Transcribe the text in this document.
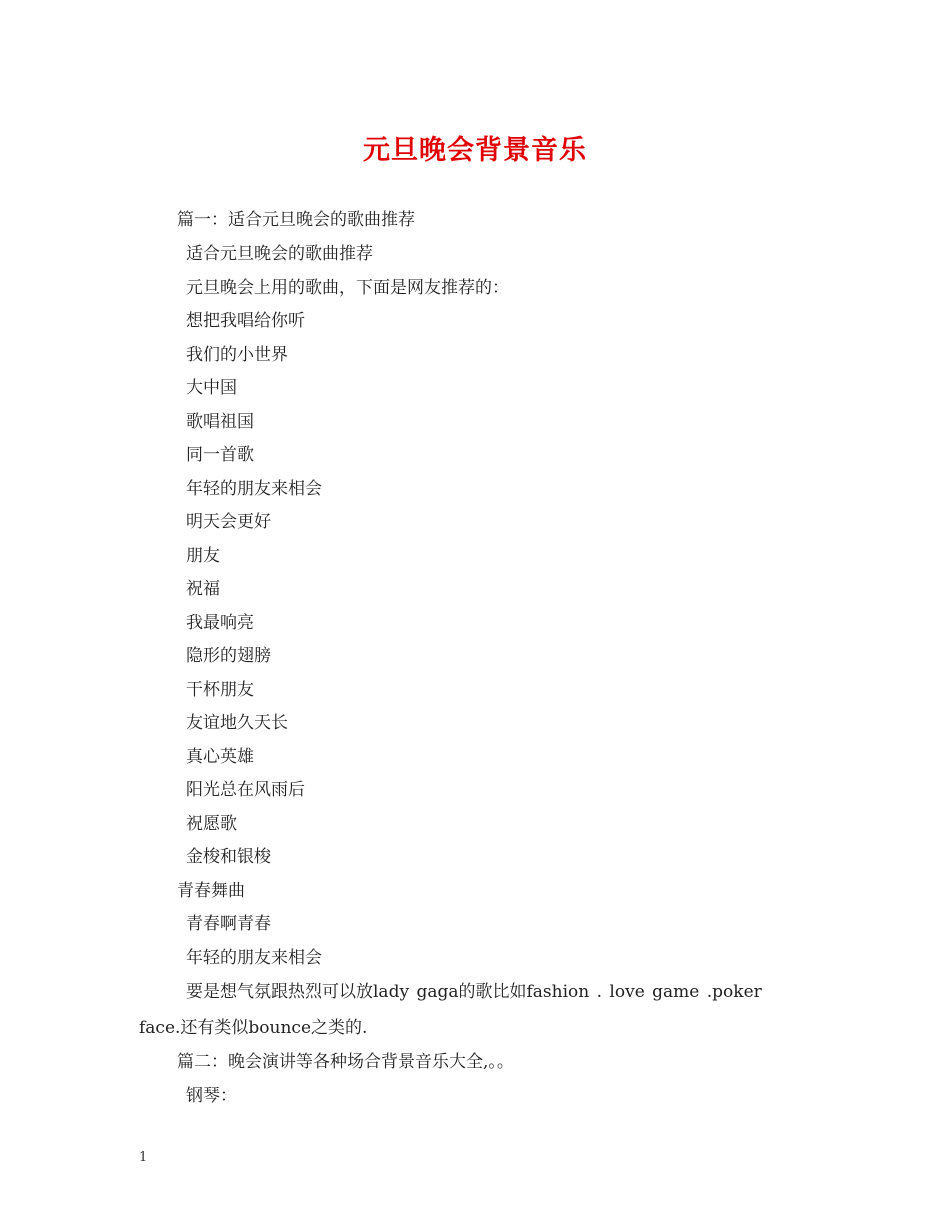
元旦晚会背景音乐
篇一：适合元旦晚会的歌曲推荐
适合元旦晚会的歌曲推荐
元旦晚会上用的歌曲，下面是网友推荐的：
想把我唱给你听
我们的小世界
大中国
歌唱祖国
同一首歌
年轻的朋友来相会
明天会更好
朋友
祝福
我最响亮
隐形的翅膀
干杯朋友
友谊地久天长
真心英雄
阳光总在风雨后
祝愿歌
金梭和银梭
青春舞曲
青春啊青春
年轻的朋友来相会
要是想气氛跟热烈可以放lady gaga的歌比如fashion . love game .poker
face.还有类似bounce之类的.
篇二：晚会演讲等各种场合背景音乐大全,。。
钢琴：
1
